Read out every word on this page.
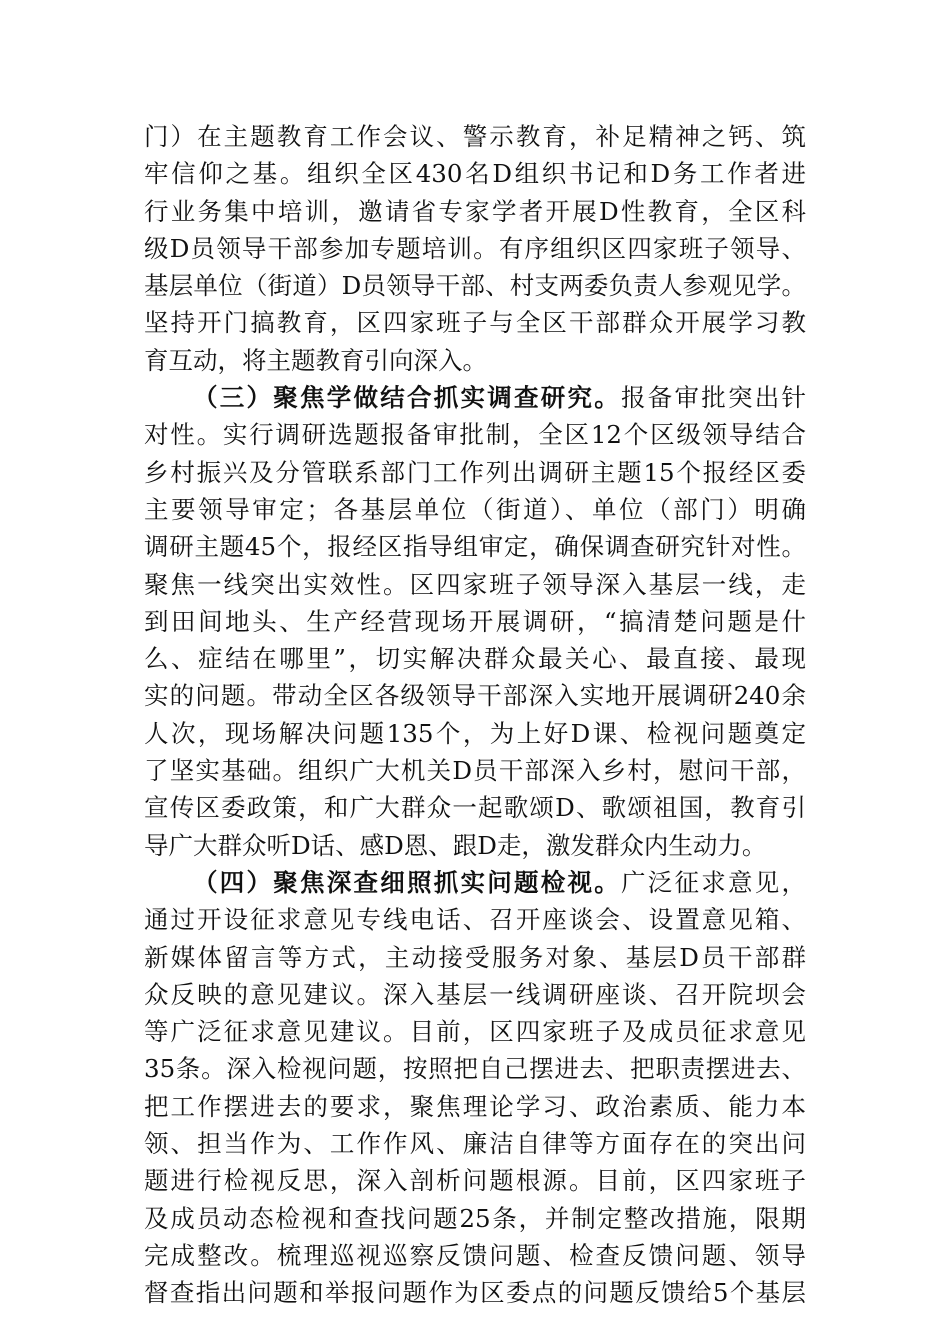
门）在主题教育工作会议、警示教育，补足精神之钙、筑
牢信仰之基。组织全区430名D组织书记和D务工作者进
行业务集中培训，邀请省专家学者开展D性教育，全区科
级D员领导干部参加专题培训。有序组织区四家班子领导、
基层单位（街道）D员领导干部、村支两委负责人参观见学。
坚持开门搞教育，区四家班子与全区干部群众开展学习教
育互动，将主题教育引向深入。
（三）聚焦学做结合抓实调查研究。报备审批突出针
对性。实行调研选题报备审批制，全区12个区级领导结合
乡村振兴及分管联系部门工作列出调研主题15个报经区委
主要领导审定；各基层单位（街道）、单位（部门）明确
调研主题45个，报经区指导组审定，确保调查研究针对性。
聚焦一线突出实效性。区四家班子领导深入基层一线，走
到田间地头、生产经营现场开展调研，“搞清楚问题是什
么、症结在哪里”，切实解决群众最关心、最直接、最现
实的问题。带动全区各级领导干部深入实地开展调研240余
人次，现场解决问题135个，为上好D课、检视问题奠定
了坚实基础。组织广大机关D员干部深入乡村，慰问干部，
宣传区委政策，和广大群众一起歌颂D、歌颂祖国，教育引
导广大群众听D话、感D恩、跟D走，激发群众内生动力。
（四）聚焦深查细照抓实问题检视。广泛征求意见，
通过开设征求意见专线电话、召开座谈会、设置意见箱、
新媒体留言等方式，主动接受服务对象、基层D员干部群
众反映的意见建议。深入基层一线调研座谈、召开院坝会
等广泛征求意见建议。目前，区四家班子及成员征求意见
35条。深入检视问题，按照把自己摆进去、把职责摆进去、
把工作摆进去的要求，聚焦理论学习、政治素质、能力本
领、担当作为、工作作风、廉洁自律等方面存在的突出问
题进行检视反思，深入剖析问题根源。目前，区四家班子
及成员动态检视和查找问题25条，并制定整改措施，限期
完成整改。梳理巡视巡察反馈问题、检查反馈问题、领导
督查指出问题和举报问题作为区委点的问题反馈给5个基层
